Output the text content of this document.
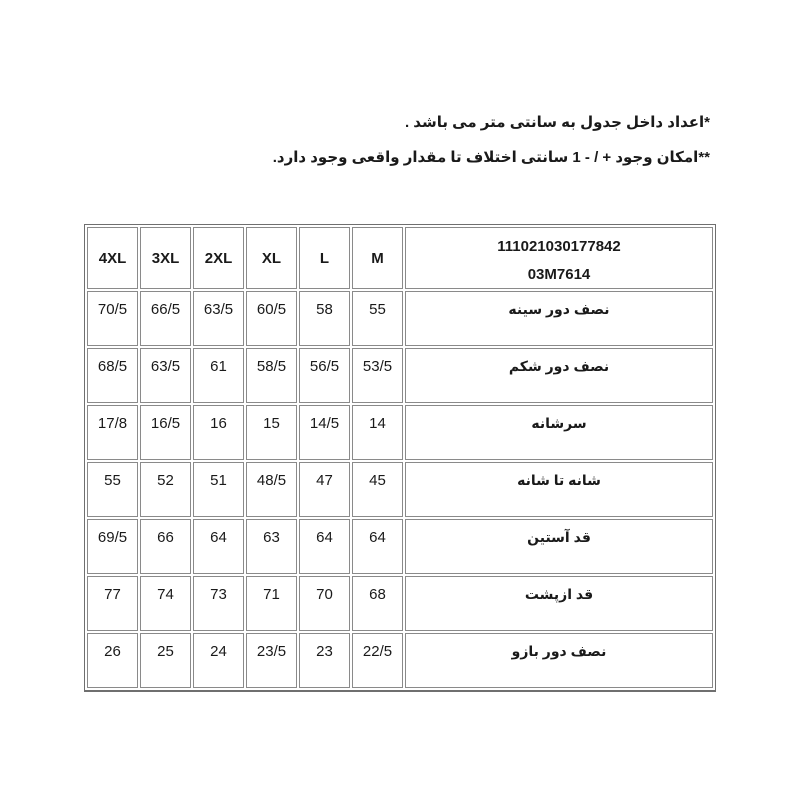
*اعداد داخل جدول به سانتی متر می باشد .
**امکان وجود + / - 1 سانتی اختلاف تا مقدار واقعی وجود دارد.
4XL	3XL	2XL	XL	L	M	111021030177842
03M7614

70/5	66/5	63/5	60/5	58	55	نصف دور سینه
68/5	63/5	61	58/5	56/5	53/5	نصف دور شکم
17/8	16/5	16	15	14/5	14	سرشانه
55	52	51	48/5	47	45	شانه تا شانه
69/5	66	64	63	64	64	قد آستین
77	74	73	71	70	68	قد ازپشت
26	25	24	23/5	23	22/5	نصف دور بازو
